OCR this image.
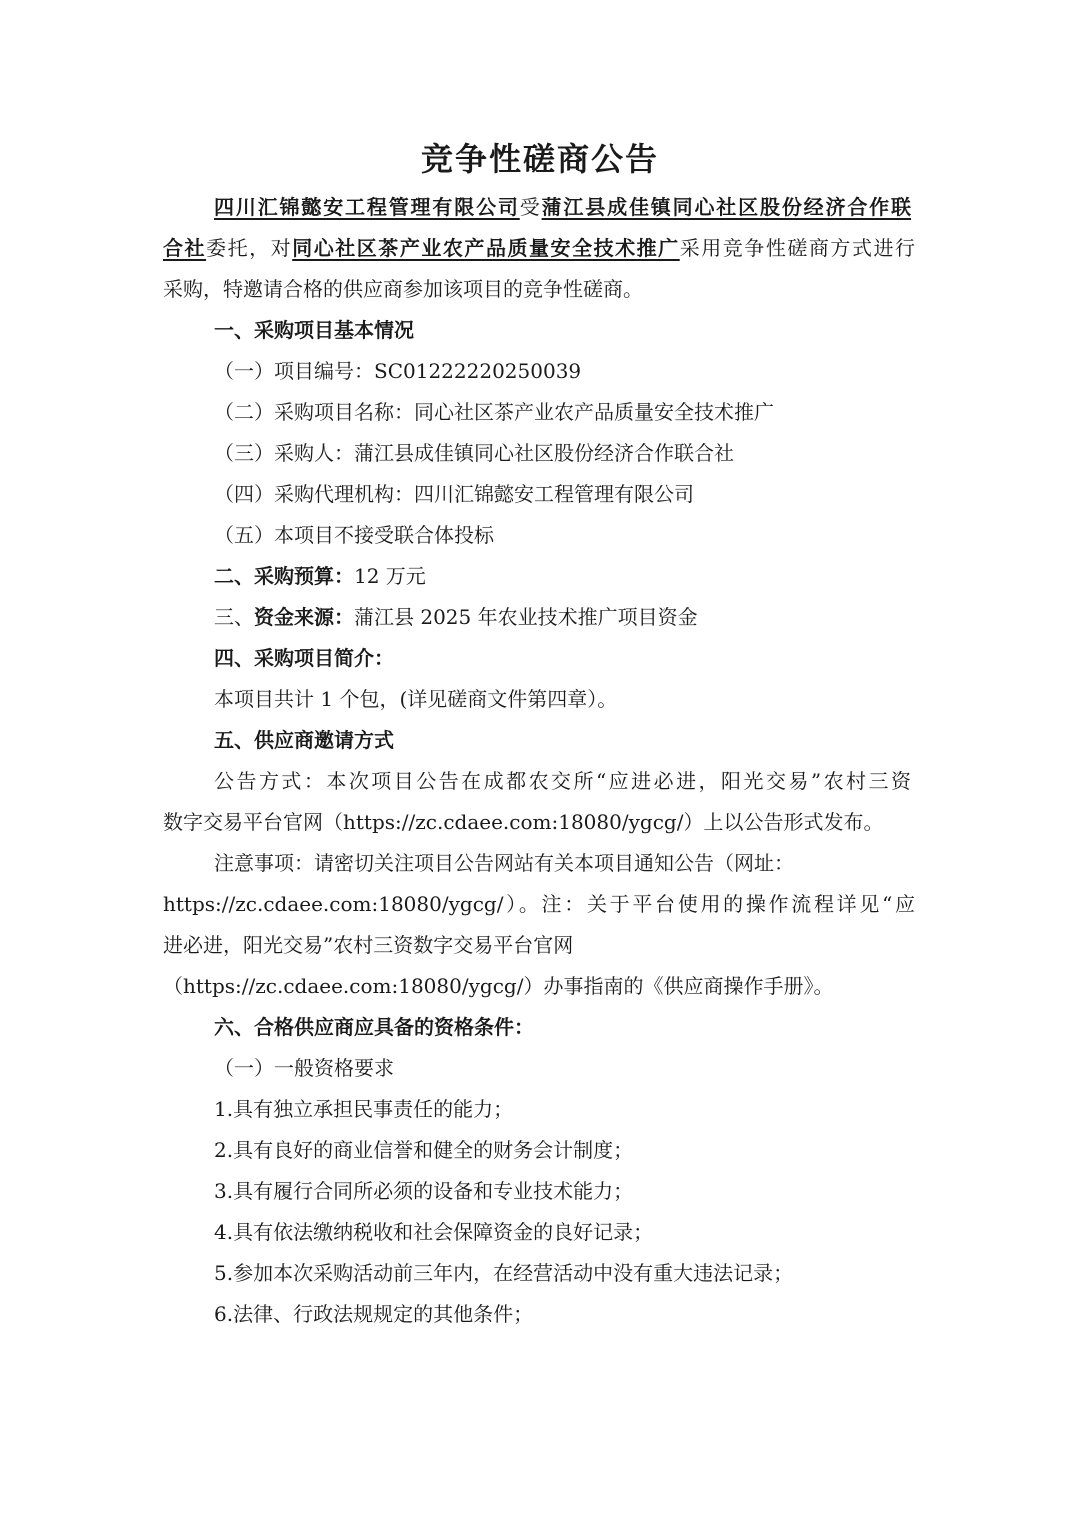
竞争性磋商公告
四川汇锦懿安工程管理有限公司受蒲江县成佳镇同心社区股份经济合作联
合社委托，对同心社区茶产业农产品质量安全技术推广采用竞争性磋商方式进行
采购，特邀请合格的供应商参加该项目的竞争性磋商。
一、采购项目基本情况
（一）项目编号：SC01222220250039
（二）采购项目名称：同心社区茶产业农产品质量安全技术推广
（三）采购人：蒲江县成佳镇同心社区股份经济合作联合社
（四）采购代理机构：四川汇锦懿安工程管理有限公司
（五）本项目不接受联合体投标
二、采购预算：12 万元
三、资金来源：蒲江县 2025 年农业技术推广项目资金
四、采购项目简介：
本项目共计 1 个包，(详见磋商文件第四章）。
五、供应商邀请方式
公告方式：本次项目公告在成都农交所“应进必进，阳光交易”农村三资
数字交易平台官网（https://zc.cdaee.com:18080/ygcg/）上以公告形式发布。
注意事项：请密切关注项目公告网站有关本项目通知公告（网址：
https://zc.cdaee.com:18080/ygcg/）。注：关于平台使用的操作流程详见“应
进必进，阳光交易”农村三资数字交易平台官网
（https://zc.cdaee.com:18080/ygcg/）办事指南的《供应商操作手册》。
六、合格供应商应具备的资格条件：
（一）一般资格要求
1.具有独立承担民事责任的能力；
2.具有良好的商业信誉和健全的财务会计制度；
3.具有履行合同所必须的设备和专业技术能力；
4.具有依法缴纳税收和社会保障资金的良好记录；
5.参加本次采购活动前三年内，在经营活动中没有重大违法记录；
6.法律、行政法规规定的其他条件；
